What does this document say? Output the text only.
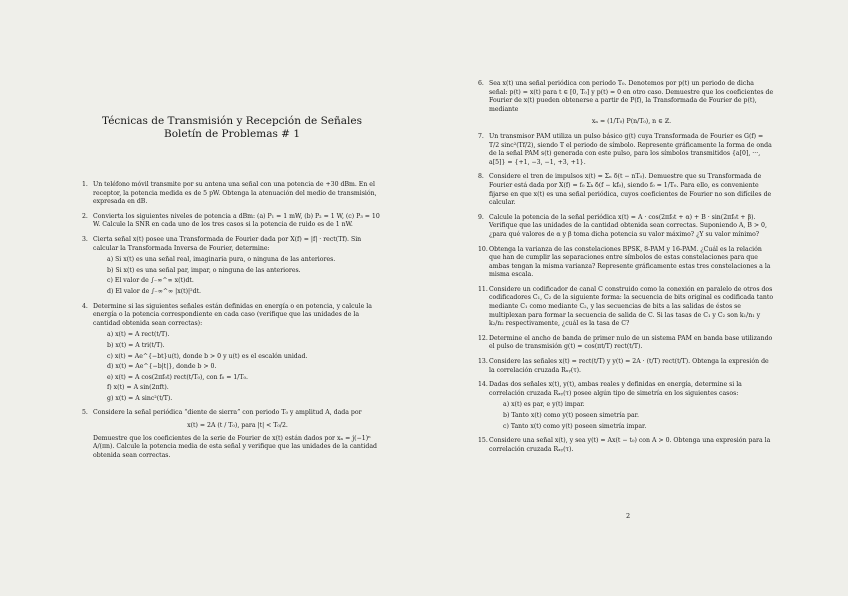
Técnicas de Transmisión y Recepción de Señales
Boletín de Problemas # 1
1. Un teléfono móvil transmite por su antena una señal con una potencia de +30 dBm. En el receptor, la potencia medida es de 5 pW. Obtenga la atenuación del medio de transmisión, expresada en dB.
2. Convierta los siguientes niveles de potencia a dBm: (a) P₁ = 1 mW, (b) P₂ = 1 W, (c) P₃ = 10 W. Calcule la SNR en cada uno de los tres casos si la potencia de ruido es de 1 nW.
3. Cierta señal x(t) posee una Transformada de Fourier dada por X(f) = |f| · rect(Tf). Sin calcular la Transformada Inversa de Fourier, determine:
a) Si x(t) es una señal real, imaginaria pura, o ninguna de las anteriores.
b) Si x(t) es una señal par, impar, o ninguna de las anteriores.
c) El valor de ∫₋∞^∞ x(t)dt.
d) El valor de ∫₋∞^∞ |x(t)|²dt.
4. Determine si las siguientes señales están definidas en energía o en potencia, y calcule la energía o la potencia correspondiente en cada caso (verifique que las unidades de la cantidad obtenida sean correctas):
a) x(t) = A rect(t/T).
b) x(t) = A tri(t/T).
c) x(t) = Ae^{−bt}u(t), donde b > 0 y u(t) es el escalón unidad.
d) x(t) = Ae^{−b|t|}, donde b > 0.
e) x(t) = A cos(2πf₀t) rect(t/T₀), con f₀ = 1/T₀.
f) x(t) = A sin(2πft).
g) x(t) = A sinc²(t/T).
5. Considere la señal periódica “diente de sierra” con periodo T₀ y amplitud A, dada por
x(t) = 2A (t / T₀), para |t| < T₀/2.
Demuestre que los coeficientes de la serie de Fourier de x(t) están dados por xₙ = j(−1)ⁿ A/(πn). Calcule la potencia media de esta señal y verifique que las unidades de la cantidad obtenida sean correctas.
6. Sea x(t) una señal periódica con periodo T₀. Denotemos por p(t) un periodo de dicha señal: p(t) = x(t) para t ∈ [0, T₀] y p(t) = 0 en otro caso. Demuestre que los coeficientes de Fourier de x(t) pueden obtenerse a partir de P(f), la Transformada de Fourier de p(t), mediante
xₙ = (1/T₀) P(n/T₀), n ∈ ℤ.
7. Un transmisor PAM utiliza un pulso básico g(t) cuya Transformada de Fourier es G(f) = T/2 sinc²(Tf/2), siendo T el periodo de símbolo. Represente gráficamente la forma de onda de la señal PAM s(t) generada con este pulso, para los símbolos transmitidos {a[0], ···, a[5]} = {+1, −3, −1, +3, +1}.
8. Considere el tren de impulsos x(t) = Σₙ δ(t − nT₀). Demuestre que su Transformada de Fourier está dada por X(f) = f₀ Σₖ δ(f − kf₀), siendo f₀ = 1/T₀. Para ello, es conveniente fijarse en que x(t) es una señal periódica, cuyos coeficientes de Fourier no son difíciles de calcular.
9. Calcule la potencia de la señal periódica x(t) = A · cos(2πf₀t + α) + B · sin(2πf₀t + β). Verifique que las unidades de la cantidad obtenida sean correctas. Suponiendo A, B > 0, ¿para qué valores de α y β toma dicha potencia su valor máximo? ¿Y su valor mínimo?
10. Obtenga la varianza de las constelaciones BPSK, 8-PAM y 16-PAM. ¿Cuál es la relación que han de cumplir las separaciones entre símbolos de estas constelaciones para que ambas tengan la misma varianza? Represente gráficamente estas tres constelaciones a la misma escala.
11. Considere un codificador de canal C construido como la conexión en paralelo de otros dos codificadores C₁, C₂ de la siguiente forma: la secuencia de bits original es codificada tanto mediante C₁ como mediante C₂, y las secuencias de bits a las salidas de éstos se multiplexan para formar la secuencia de salida de C. Si las tasas de C₁ y C₂ son k₁/n₁ y k₂/n₂ respectivamente, ¿cuál es la tasa de C?
12. Determine el ancho de banda de primer nulo de un sistema PAM en banda base utilizando el pulso de transmisión g(t) = cos(πt/T) rect(t/T).
13. Considere las señales x(t) = rect(t/T) y y(t) = 2A · (t/T) rect(t/T). Obtenga la expresión de la correlación cruzada Rₓᵧ(τ).
14. Dadas dos señales x(t), y(t), ambas reales y definidas en energía, determine si la correlación cruzada Rₓᵧ(τ) posee algún tipo de simetría en los siguientes casos:
a) x(t) es par, e y(t) impar.
b) Tanto x(t) como y(t) poseen simetría par.
c) Tanto x(t) como y(t) poseen simetría impar.
15. Considere una señal x(t), y sea y(t) = Ax(t − t₀) con A > 0. Obtenga una expresión para la correlación cruzada Rₓᵧ(τ).
2
